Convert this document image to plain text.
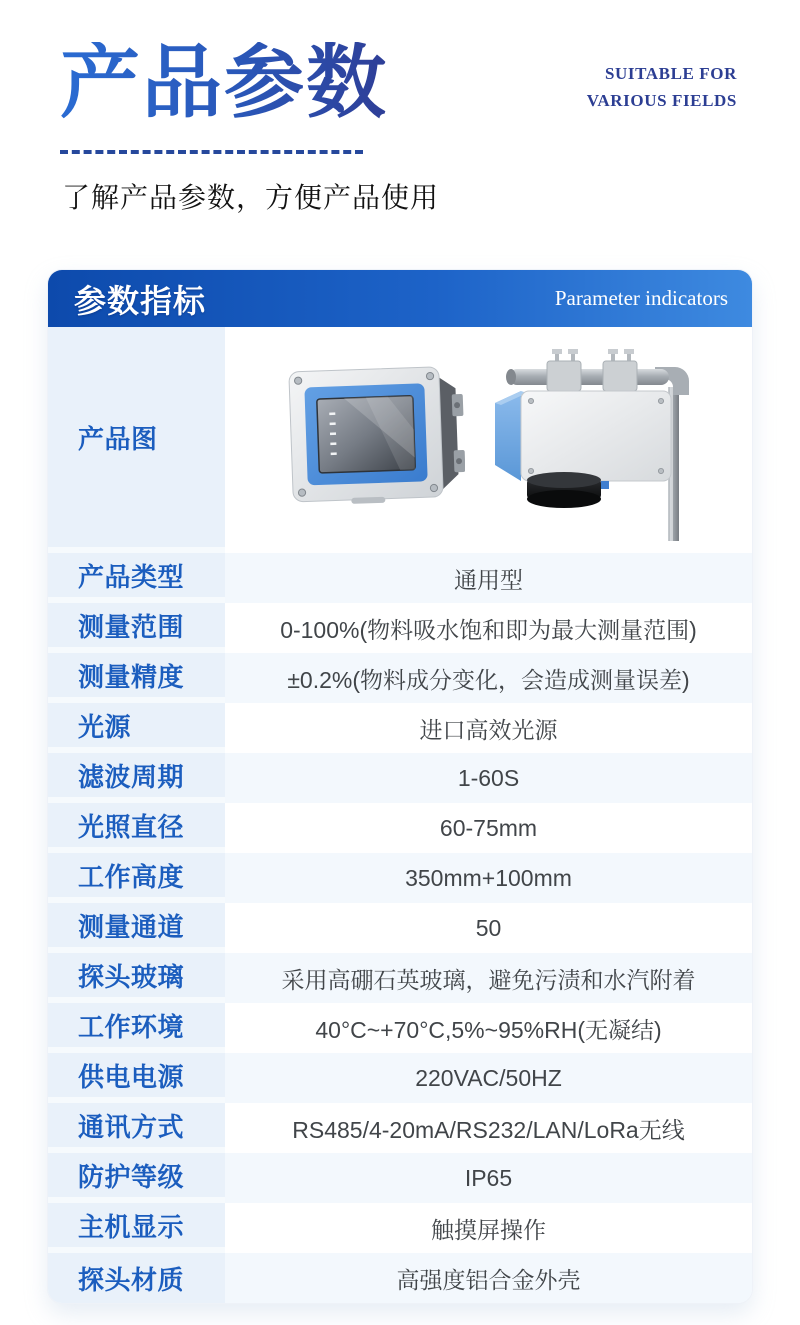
产品参数	SUITABLE FOR
VARIOUS FIELDS

了解产品参数，方便产品使用

参数指标	Parameter indicators
产品图
产品类型	通用型
测量范围	0-100%(物料吸水饱和即为最大测量范围)
测量精度	±0.2%(物料成分变化，会造成测量误差)
光源	进口高效光源
滤波周期	1-60S
光照直径	60-75mm
工作高度	350mm+100mm
测量通道	50
探头玻璃	采用高硼石英玻璃，避免污渍和水汽附着
工作环境	40°C~+70°C,5%~95%RH(无凝结)
供电电源	220VAC/50HZ
通讯方式	RS485/4-20mA/RS232/LAN/LoRa无线
防护等级	IP65
主机显示	触摸屏操作
探头材质	高强度铝合金外壳
